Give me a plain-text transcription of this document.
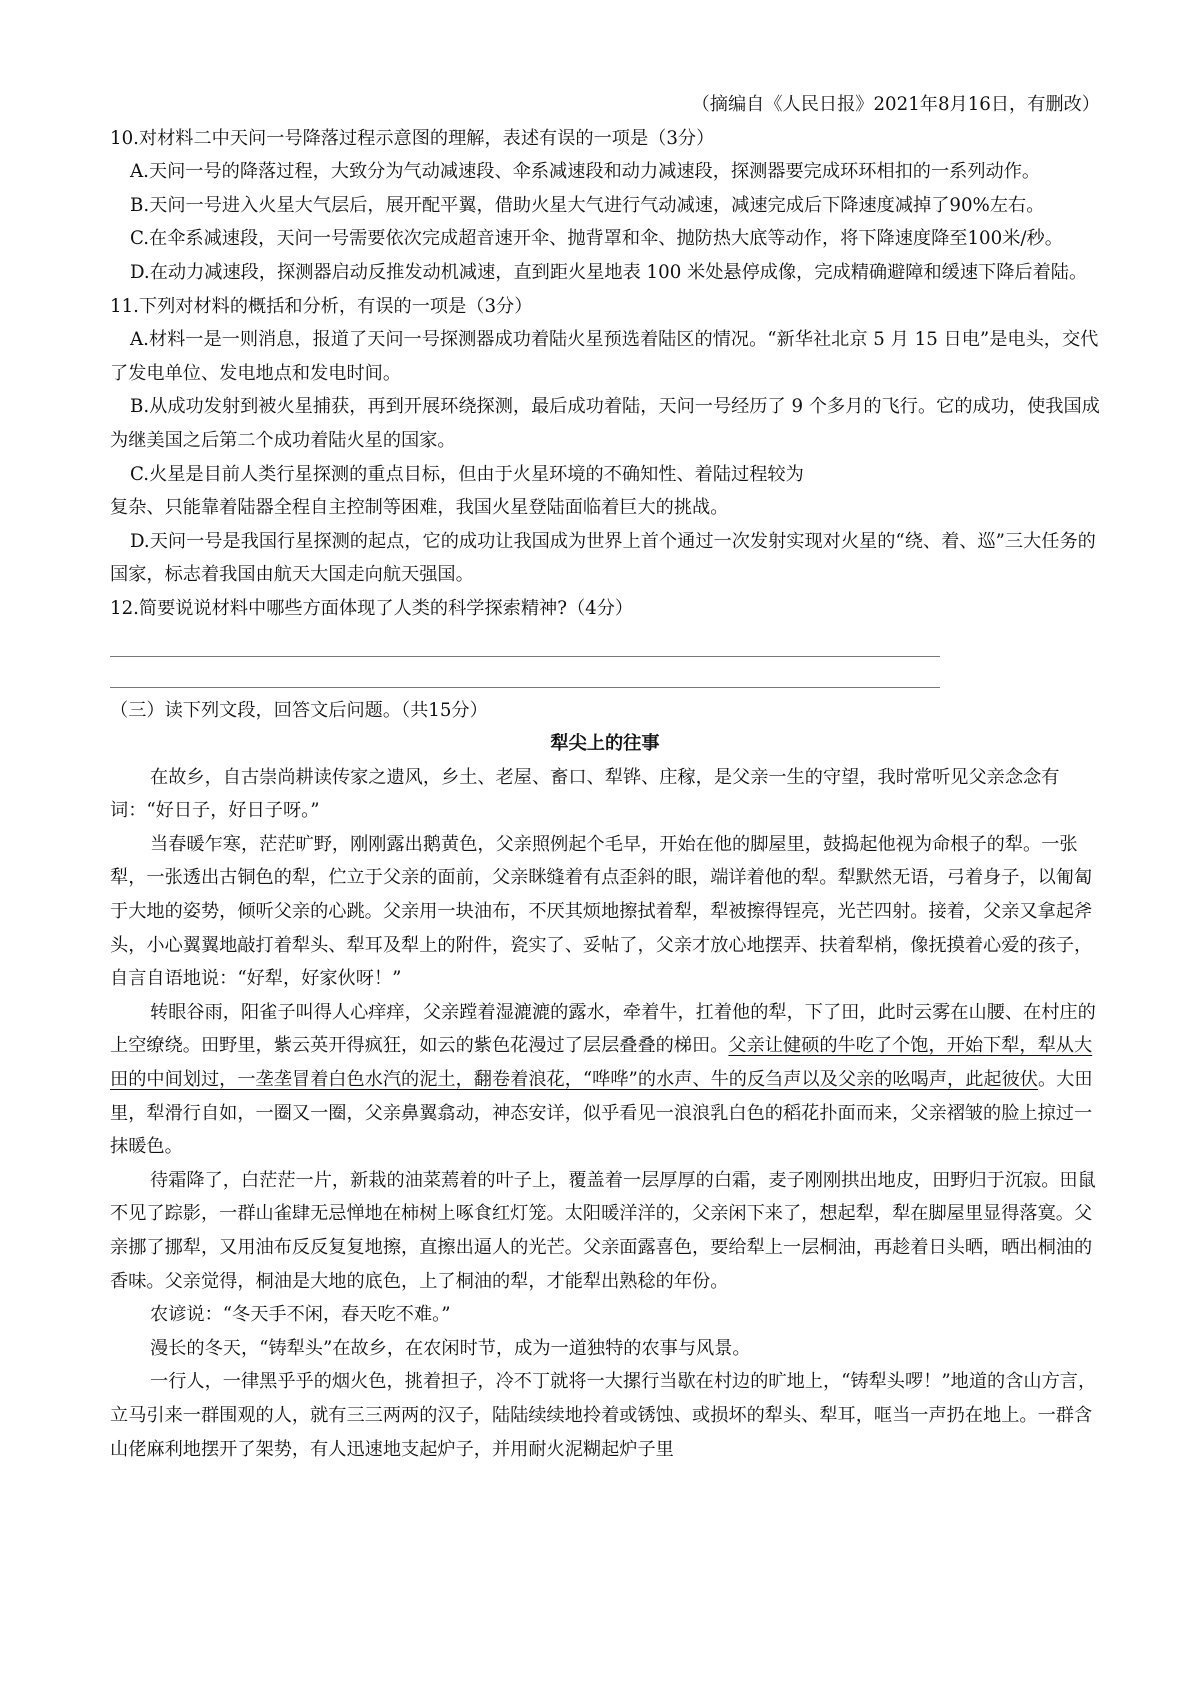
（摘编自《人民日报》2021年8月16日，有删改）

10.对材料二中天问一号降落过程示意图的理解，表述有误的一项是（3分）

A.天问一号的降落过程，大致分为气动减速段、伞系减速段和动力减速段，探测器要完成环环相扣的一系列动作。

B.天问一号进入火星大气层后，展开配平翼，借助火星大气进行气动减速，减速完成后下降速度减掉了90%左右。

C.在伞系减速段，天问一号需要依次完成超音速开伞、抛背罩和伞、抛防热大底等动作，将下降速度降至100米/秒。

D.在动力减速段，探测器启动反推发动机减速，直到距火星地表 100 米处悬停成像，完成精确避障和缓速下降后着陆。

11.下列对材料的概括和分析，有误的一项是（3分）

A.材料一是一则消息，报道了天问一号探测器成功着陆火星预选着陆区的情况。“新华社北京 5 月 15 日电”是电头，交代了发电单位、发电地点和发电时间。

B.从成功发射到被火星捕获，再到开展环绕探测，最后成功着陆，天问一号经历了 9 个多月的飞行。它的成功，使我国成为继美国之后第二个成功着陆火星的国家。

C.火星是目前人类行星探测的重点目标，但由于火星环境的不确知性、着陆过程较为

复杂、只能靠着陆器全程自主控制等困难，我国火星登陆面临着巨大的挑战。

D.天问一号是我国行星探测的起点，它的成功让我国成为世界上首个通过一次发射实现对火星的“绕、着、巡”三大任务的国家，标志着我国由航天大国走向航天强国。

12.简要说说材料中哪些方面体现了人类的科学探索精神?（4分）

（三）读下列文段，回答文后问题。（共15分）

犁尖上的往事

在故乡，自古崇尚耕读传家之遗风，乡土、老屋、畜口、犁铧、庄稼，是父亲一生的守望，我时常听见父亲念念有词：“好日子，好日子呀。”

当春暖乍寒，茫茫旷野，刚刚露出鹅黄色，父亲照例起个毛早，开始在他的脚屋里，鼓捣起他视为命根子的犁。一张犁，一张透出古铜色的犁，伫立于父亲的面前，父亲眯缝着有点歪斜的眼，端详着他的犁。犁默然无语，弓着身子，以匍匐于大地的姿势，倾听父亲的心跳。父亲用一块油布，不厌其烦地擦拭着犁，犁被擦得锃亮，光芒四射。接着，父亲又拿起斧头，小心翼翼地敲打着犁头、犁耳及犁上的附件，瓷实了、妥帖了，父亲才放心地摆弄、扶着犁梢，像抚摸着心爱的孩子，自言自语地说：“好犁，好家伙呀！”

转眼谷雨，阳雀子叫得人心痒痒，父亲蹚着湿漉漉的露水，牵着牛，扛着他的犁，下了田，此时云雾在山腰、在村庄的上空缭绕。田野里，紫云英开得疯狂，如云的紫色花漫过了层层叠叠的梯田。父亲让健硕的牛吃了个饱，开始下犁，犁从大田的中间划过，一垄垄冒着白色水汽的泥土，翻卷着浪花，“哗哗”的水声、牛的反刍声以及父亲的吆喝声，此起彼伏。大田里，犁滑行自如，一圈又一圈，父亲鼻翼翕动，神态安详，似乎看见一浪浪乳白色的稻花扑面而来，父亲褶皱的脸上掠过一抹暖色。

待霜降了，白茫茫一片，新栽的油菜蔫着的叶子上，覆盖着一层厚厚的白霜，麦子刚刚拱出地皮，田野归于沉寂。田鼠不见了踪影，一群山雀肆无忌惮地在柿树上啄食红灯笼。太阳暖洋洋的，父亲闲下来了，想起犁，犁在脚屋里显得落寞。父亲挪了挪犁，又用油布反反复复地擦，直擦出逼人的光芒。父亲面露喜色，要给犁上一层桐油，再趁着日头晒，晒出桐油的香味。父亲觉得，桐油是大地的底色，上了桐油的犁，才能犁出熟稔的年份。

农谚说：“冬天手不闲，春天吃不难。”

漫长的冬天，“铸犁头”在故乡，在农闲时节，成为一道独特的农事与风景。

一行人，一律黑乎乎的烟火色，挑着担子，冷不丁就将一大摞行当歇在村边的旷地上，“铸犁头啰！”地道的含山方言，立马引来一群围观的人，就有三三两两的汉子，陆陆续续地拎着或锈蚀、或损坏的犁头、犁耳，哐当一声扔在地上。一群含山佬麻利地摆开了架势，有人迅速地支起炉子，并用耐火泥糊起炉子里
